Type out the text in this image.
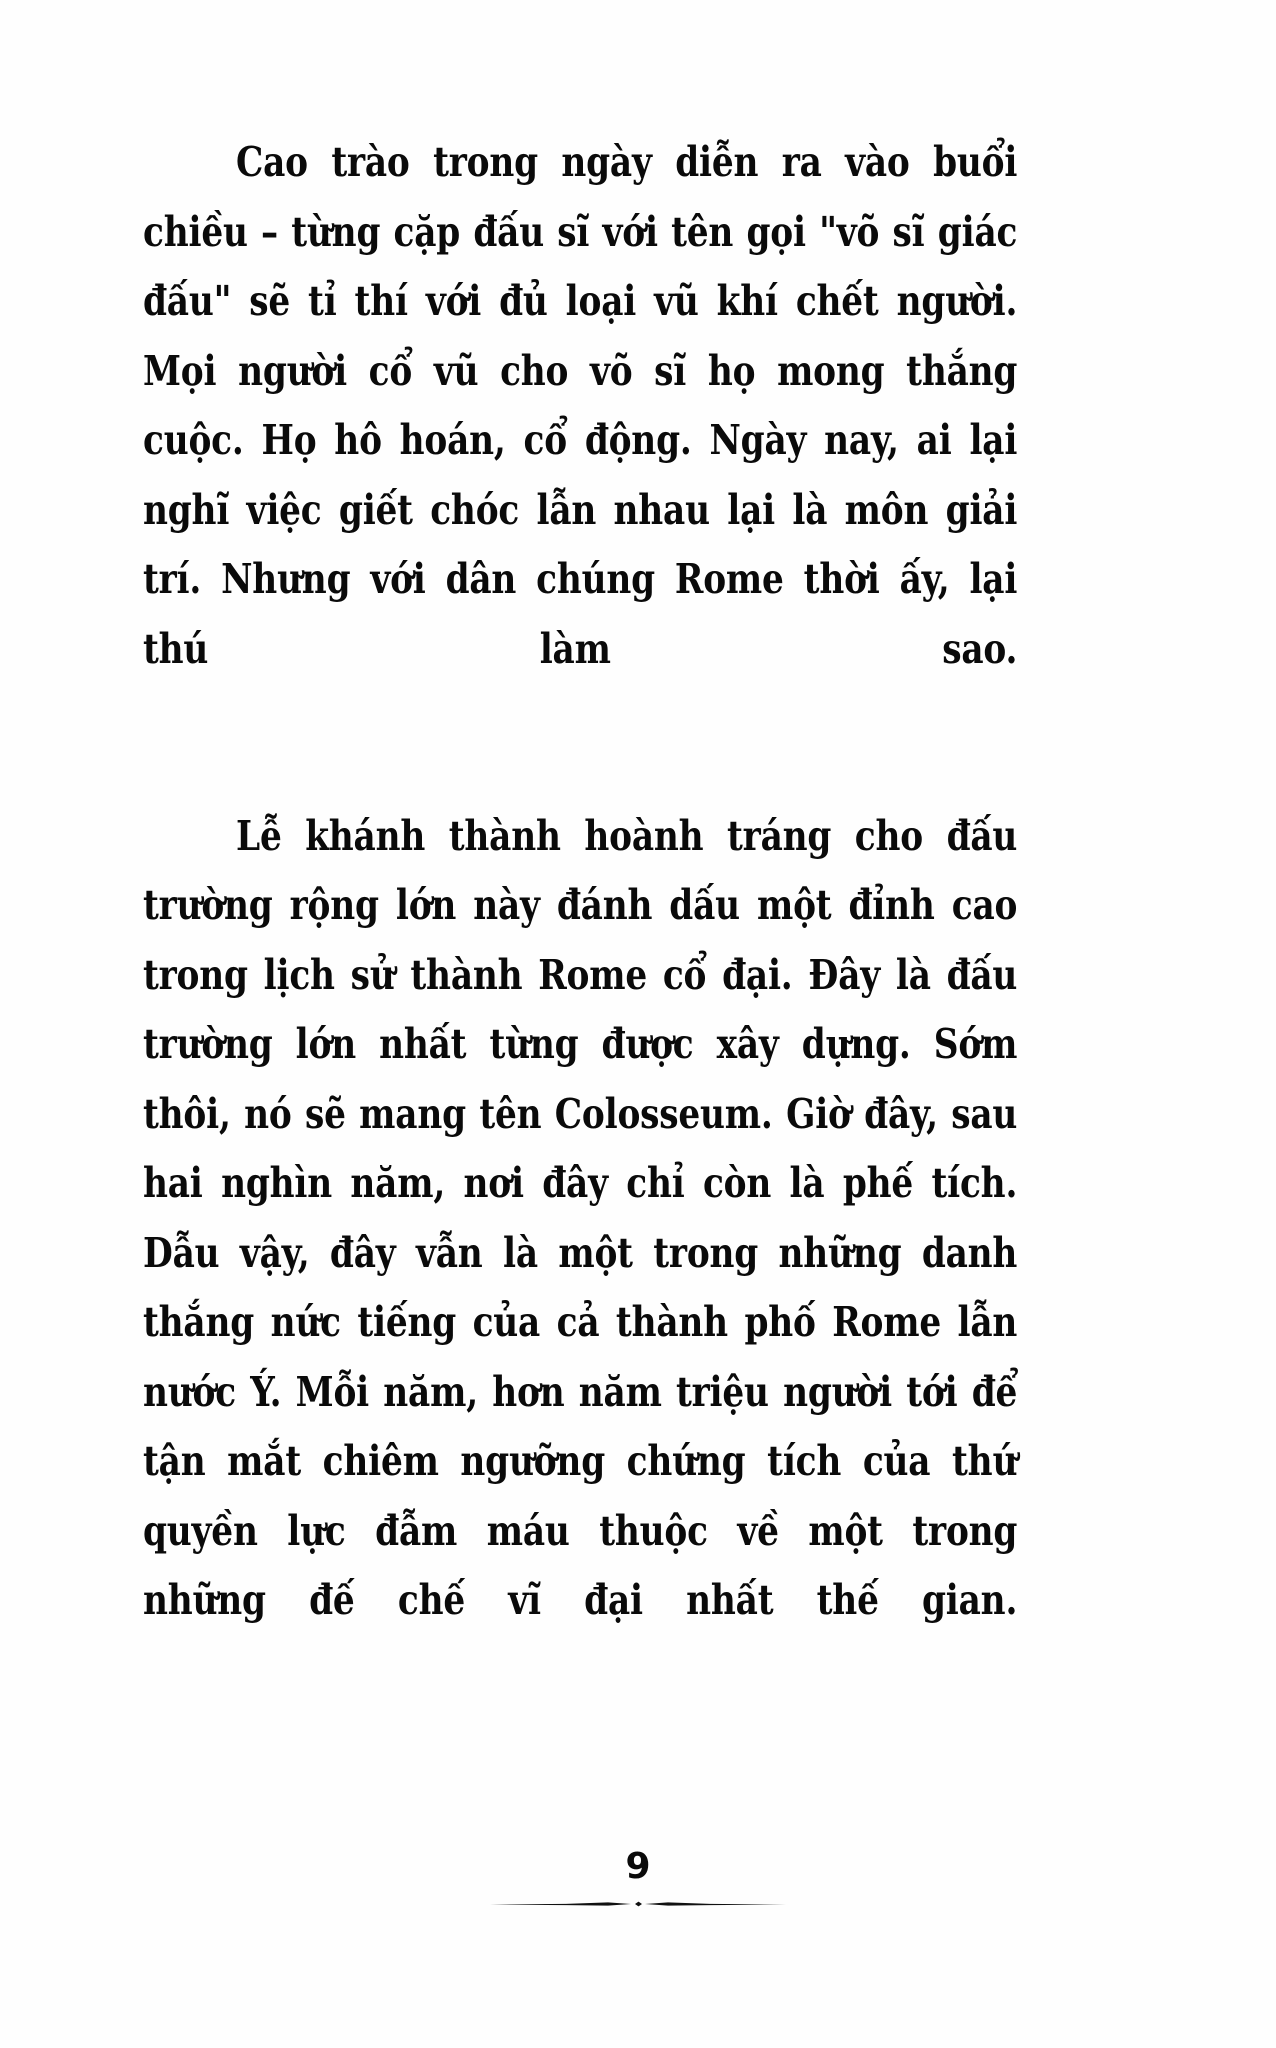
Cao trào trong ngày diễn ra vào buổi chiều – từng cặp đấu sĩ với tên gọi "võ sĩ giác đấu" sẽ tỉ thí với đủ loại vũ khí chết người. Mọi người cổ vũ cho võ sĩ họ mong thắng cuộc. Họ hô hoán, cổ động. Ngày nay, ai lại nghĩ việc giết chóc lẫn nhau lại là môn giải trí. Nhưng với dân chúng Rome thời ấy, lại thú làm sao.

Lễ khánh thành hoành tráng cho đấu trường rộng lớn này đánh dấu một đỉnh cao trong lịch sử thành Rome cổ đại. Đây là đấu trường lớn nhất từng được xây dựng. Sớm thôi, nó sẽ mang tên Colosseum. Giờ đây, sau hai nghìn năm, nơi đây chỉ còn là phế tích. Dẫu vậy, đây vẫn là một trong những danh thắng nức tiếng của cả thành phố Rome lẫn nước Ý. Mỗi năm, hơn năm triệu người tới để tận mắt chiêm ngưỡng chứng tích của thứ quyền lực đẫm máu thuộc về một trong những đế chế vĩ đại nhất thế gian.

9
